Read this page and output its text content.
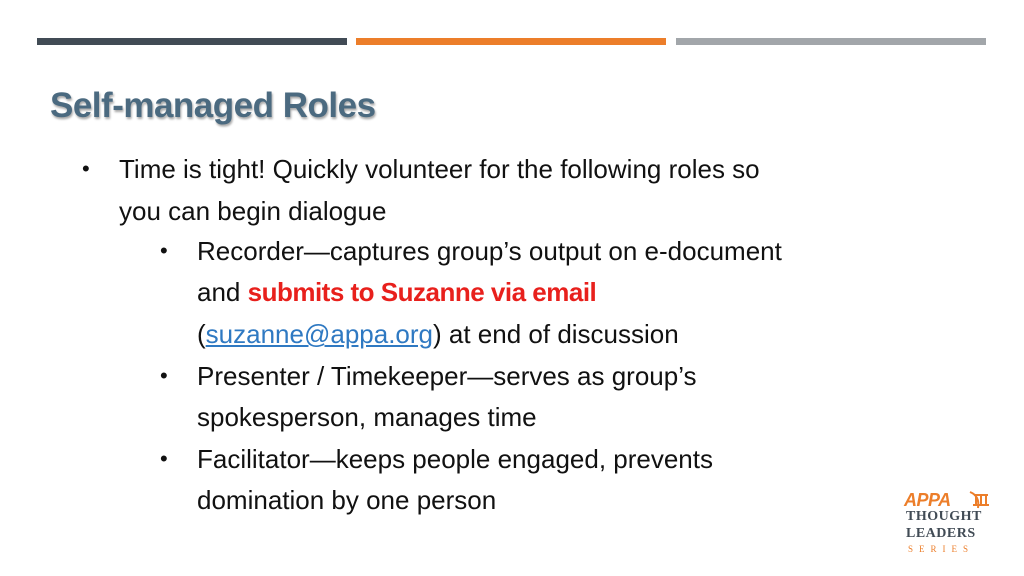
Self-managed Roles
• Time is tight! Quickly volunteer for the following roles so
you can begin dialogue
• Recorder—captures group’s output on e-document
and submits to Suzanne via email
(suzanne@appa.org) at end of discussion
• Presenter / Timekeeper—serves as group’s
spokesperson, manages time
• Facilitator—keeps people engaged, prevents
domination by one person	APPA
THOUGHT
LEADERS
SERIES
